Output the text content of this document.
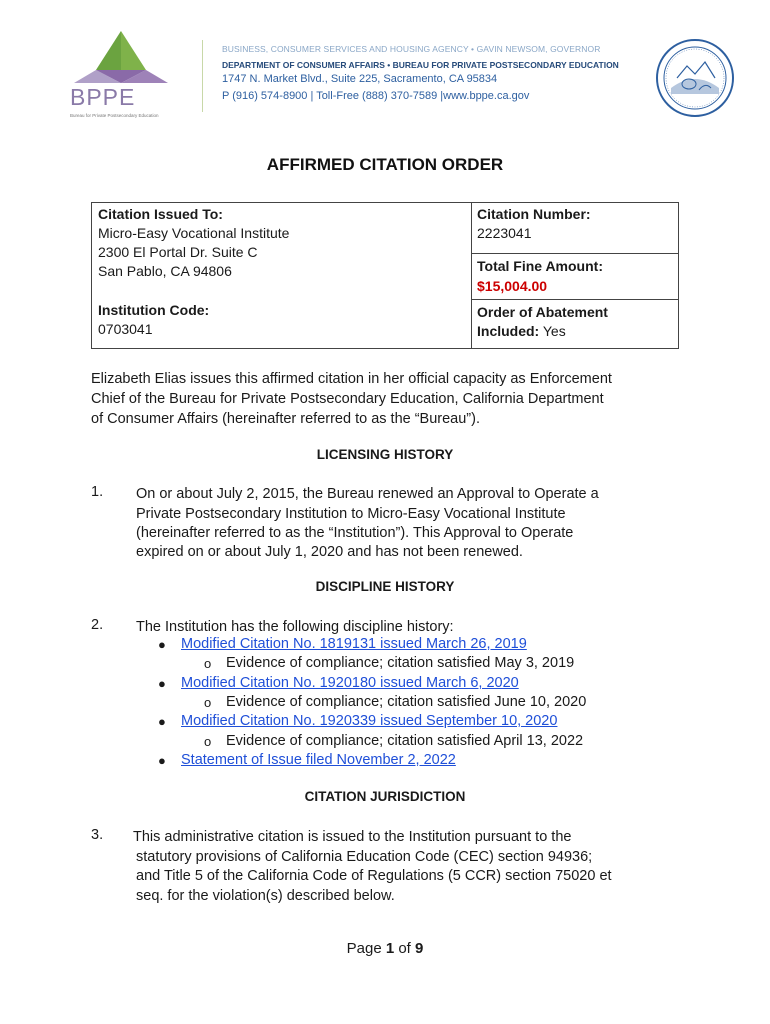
BPPE
Bureau for Private Postsecondary Education
BUSINESS, CONSUMER SERVICES AND HOUSING AGENCY • GAVIN NEWSOM, GOVERNOR
DEPARTMENT OF CONSUMER AFFAIRS • BUREAU FOR PRIVATE POSTSECONDARY EDUCATION
1747 N. Market Blvd., Suite 225, Sacramento, CA 95834
P (916) 574-8900 | Toll-Free (888) 370-7589 |www.bppe.ca.gov
AFFIRMED CITATION ORDER
Citation Issued To:
Micro-Easy Vocational Institute
2300 El Portal Dr. Suite C
San Pablo, CA 94806
Institution Code:
0703041
Citation Number:
2223041
Total Fine Amount:
$15,004.00
Order of Abatement
Included: Yes
Elizabeth Elias issues this affirmed citation in her official capacity as Enforcement
Chief of the Bureau for Private Postsecondary Education, California Department
of Consumer Affairs (hereinafter referred to as the “Bureau”).
LICENSING HISTORY
1. On or about July 2, 2015, the Bureau renewed an Approval to Operate a
Private Postsecondary Institution to Micro-Easy Vocational Institute
(hereinafter referred to as the “Institution”). This Approval to Operate
expired on or about July 1, 2020 and has not been renewed.
DISCIPLINE HISTORY
2. The Institution has the following discipline history:
● Modified Citation No. 1819131 issued March 26, 2019
o Evidence of compliance; citation satisfied May 3, 2019
● Modified Citation No. 1920180 issued March 6, 2020
o Evidence of compliance; citation satisfied June 10, 2020
● Modified Citation No. 1920339 issued September 10, 2020
o Evidence of compliance; citation satisfied April 13, 2022
● Statement of Issue filed November 2, 2022
CITATION JURISDICTION
3. This administrative citation is issued to the Institution pursuant to the
statutory provisions of California Education Code (CEC) section 94936;
and Title 5 of the California Code of Regulations (5 CCR) section 75020 et
seq. for the violation(s) described below.
Page 1 of 9
